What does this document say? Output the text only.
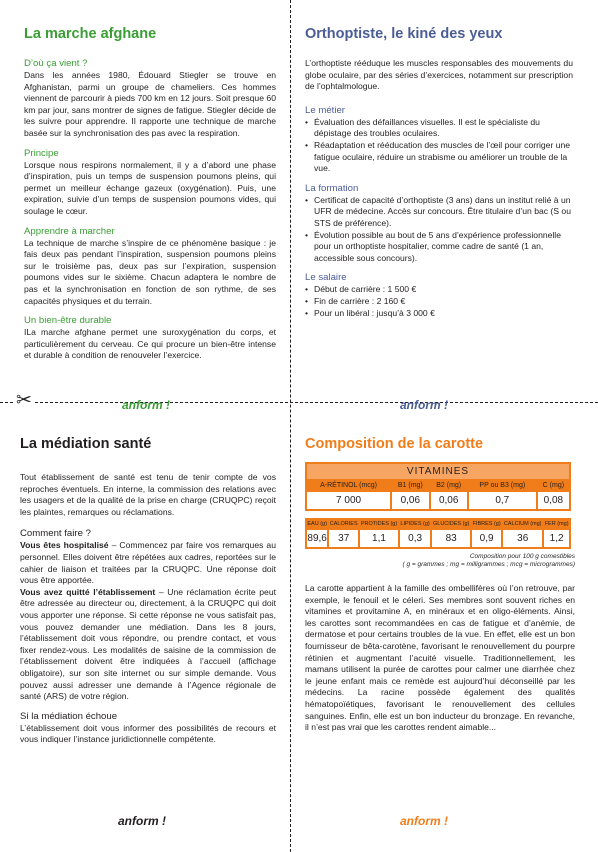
✂
La marche afghane
D’où ça vient ?

Dans les années 1980, Édouard Stiegler se trouve en Afghanistan, parmi un groupe de chameliers. Ces hommes viennent de parcourir à pieds 700 km en 12 jours. Soit presque 60 km par jour, sans montrer de signes de fatigue. Stiegler décide de les suivre pour apprendre. Il rapporte une technique de marche basée sur la synchronisation des pas avec la respiration.

Principe

Lorsque nous respirons normalement, il y a d’abord une phase d’inspiration, puis un temps de suspension poumons pleins, qui permet un meilleur échange gazeux (oxygénation). Puis, une expiration, suivie d’un temps de suspension poumons vides, qui soulage le cœur.

Apprendre à marcher

La technique de marche s’inspire de ce phénomène basique : je fais deux pas pendant l’inspiration, suspension poumons pleins sur le troisième pas, deux pas sur l’expiration, suspension poumons vides sur le sixième. Chacun adaptera le nombre de pas et la synchronisation en fonction de son rythme, de ses capacités physiques et du terrain.

Un bien-être durable

ILa marche afghane permet une suroxygénation du corps, et particulièrement du cerveau. Ce qui procure un bien-être intense et durable à condition de renouveler l’exercice.

anform !
Orthoptiste, le kiné des yeux

L’orthoptiste rééduque les muscles responsables des mouvements du globe oculaire, par des séries d’exercices, notamment sur prescription de l’ophtalmologue.

Le métier
• Évaluation des défaillances visuelles. Il est le spécialiste du dépistage des troubles oculaires.
• Réadaptation et rééducation des muscles de l’œil pour corriger une fatigue oculaire, réduire un strabisme ou améliorer un trouble de la vue.
La formation
• Certificat de capacité d’orthoptiste (3 ans) dans un institut relié à un UFR de médecine. Accès sur concours. Être titulaire d’un bac (S ou STS de préférence).
• Évolution possible au bout de 5 ans d’expérience professionnelle pour un orthoptiste hospitalier, comme cadre de santé (1 an, accessible sous concours).
Le salaire
• Début de carrière : 1 500 €
• Fin de carrière : 2 160 €
• Pour un libéral : jusqu’à 3 000 €
anform !
La médiation santé

Tout établissement de santé est tenu de tenir compte de vos reproches éventuels. En interne, la commission des relations avec les usagers et de la qualité de la prise en charge (CRUQPC) reçoit les plaintes, remarques ou réclamations.

Comment faire ?

Vous êtes hospitalisé – Commencez par faire vos remarques au personnel. Elles doivent être répétées aux cadres, reportées sur le cahier de liaison et traitées par la CRUQPC. Une réponse doit vous être apportée.

Vous avez quitté l’établissement – Une réclamation écrite peut être adressée au directeur ou, directement, à la CRUQPC qui doit vous apporter une réponse. Si cette réponse ne vous satisfait pas, vous pouvez demander une médiation. Dans les 8 jours, l’établissement doit vous répondre, ou prendre contact, et vous fixer rendez-vous. Les modalités de saisine de la commission de l’établissement doivent être indiquées à l’accueil (affichage obligatoire), sur son site internet ou sur simple demande. Vous pouvez aussi adresser une demande à l’Agence régionale de santé (ARS) de votre région.

Si la médiation échoue

L’établissement doit vous informer des possibilités de recours et vous indiquer l’instance juridictionnelle compétente.

anform !
Composition de la carotte
VITAMINES				
A-RÉTINOL (mcg)	B1 (mg)	B2 (mg)	PP ou B3 (mg)	C (mg)
7 000	0,06	0,06	0,7	0,08
EAU (g)	CALORIES	PROTIDES (g)	LIPIDES (g)	GLUCIDES (g)	FIBRES (g)	CALCIUM (mg)	FER (mg)
89,6	37	1,1	0,3	83	0,9	36	1,2
Composition pour 100 g comestibles
( g = grammes ; mg = milligrammes ; mcg = microgrammes)

La carotte appartient à la famille des ombellifères où l’on retrouve, par exemple, le fenouil et le céleri. Ses membres sont souvent riches en vitamines et provitamine A, en minéraux et en oligo-éléments. Ainsi, les carottes sont recommandées en cas de fatigue et d’anémie, de dermatose et pour certains troubles de la vue. En effet, elle est un bon fournisseur de bêta-carotène, favorisant le renouvellement du pourpre rétinien et augmentant l’acuité visuelle. Traditionnellement, les mamans utilisent la purée de carottes pour calmer une diarrhée chez le jeune enfant mais ce remède est aujourd’hui déconseillé par les médecins. La racine possède également des qualités hématopoïétiques, favorisant le renouvellement des cellules sanguines. Enfin, elle est un bon inducteur du bronzage. En revanche, il n’est pas vrai que les carottes rendent aimable...

anform !
